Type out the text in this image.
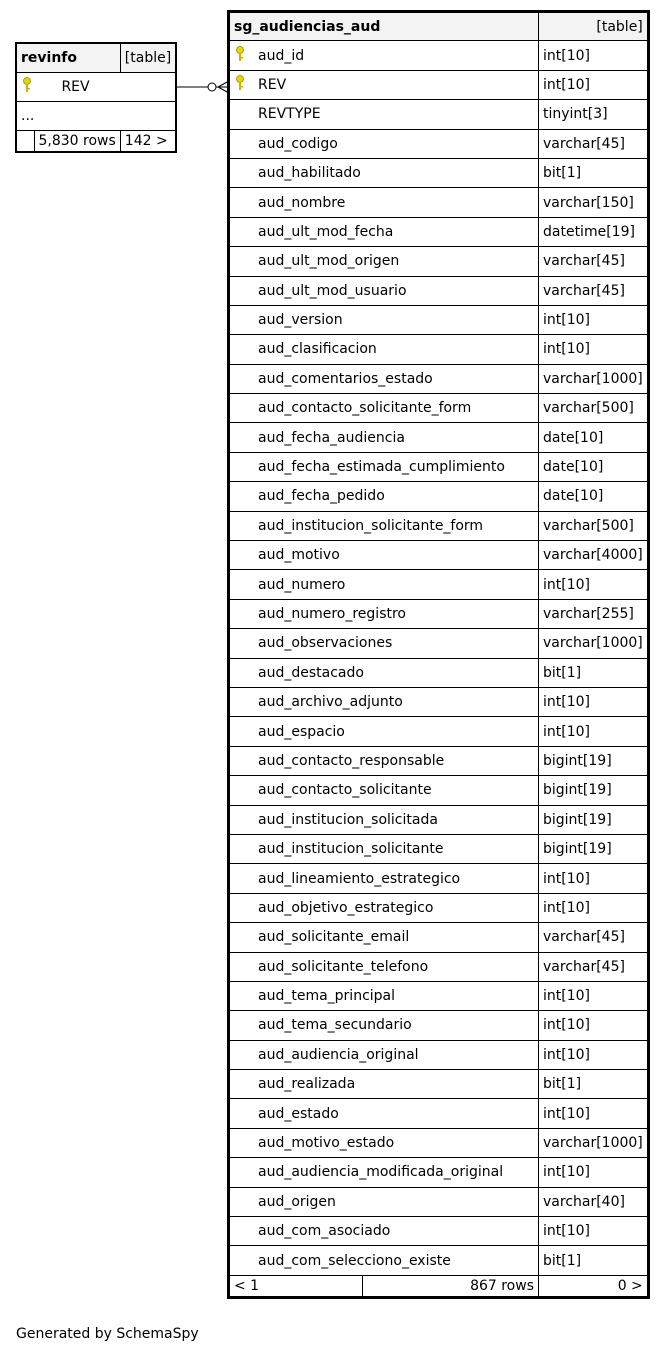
revinfo		[table]
REV		
...		
	5,830 rows	142 >
sg_audiencias_aud		[table]
aud_id		int[10]
REV		int[10]
REVTYPE		tinyint[3]
aud_codigo		varchar[45]
aud_habilitado		bit[1]
aud_nombre		varchar[150]
aud_ult_mod_fecha		datetime[19]
aud_ult_mod_origen		varchar[45]
aud_ult_mod_usuario		varchar[45]
aud_version		int[10]
aud_clasificacion		int[10]
aud_comentarios_estado		varchar[1000]
aud_contacto_solicitante_form		varchar[500]
aud_fecha_audiencia		date[10]
aud_fecha_estimada_cumplimiento		date[10]
aud_fecha_pedido		date[10]
aud_institucion_solicitante_form		varchar[500]
aud_motivo		varchar[4000]
aud_numero		int[10]
aud_numero_registro		varchar[255]
aud_observaciones		varchar[1000]
aud_destacado		bit[1]
aud_archivo_adjunto		int[10]
aud_espacio		int[10]
aud_contacto_responsable		bigint[19]
aud_contacto_solicitante		bigint[19]
aud_institucion_solicitada		bigint[19]
aud_institucion_solicitante		bigint[19]
aud_lineamiento_estrategico		int[10]
aud_objetivo_estrategico		int[10]
aud_solicitante_email		varchar[45]
aud_solicitante_telefono		varchar[45]
aud_tema_principal		int[10]
aud_tema_secundario		int[10]
aud_audiencia_original		int[10]
aud_realizada		bit[1]
aud_estado		int[10]
aud_motivo_estado		varchar[1000]
aud_audiencia_modificada_original		int[10]
aud_origen		varchar[40]
aud_com_asociado		int[10]
aud_com_selecciono_existe		bit[1]
< 1	867 rows	0 >
Generated by SchemaSpy
